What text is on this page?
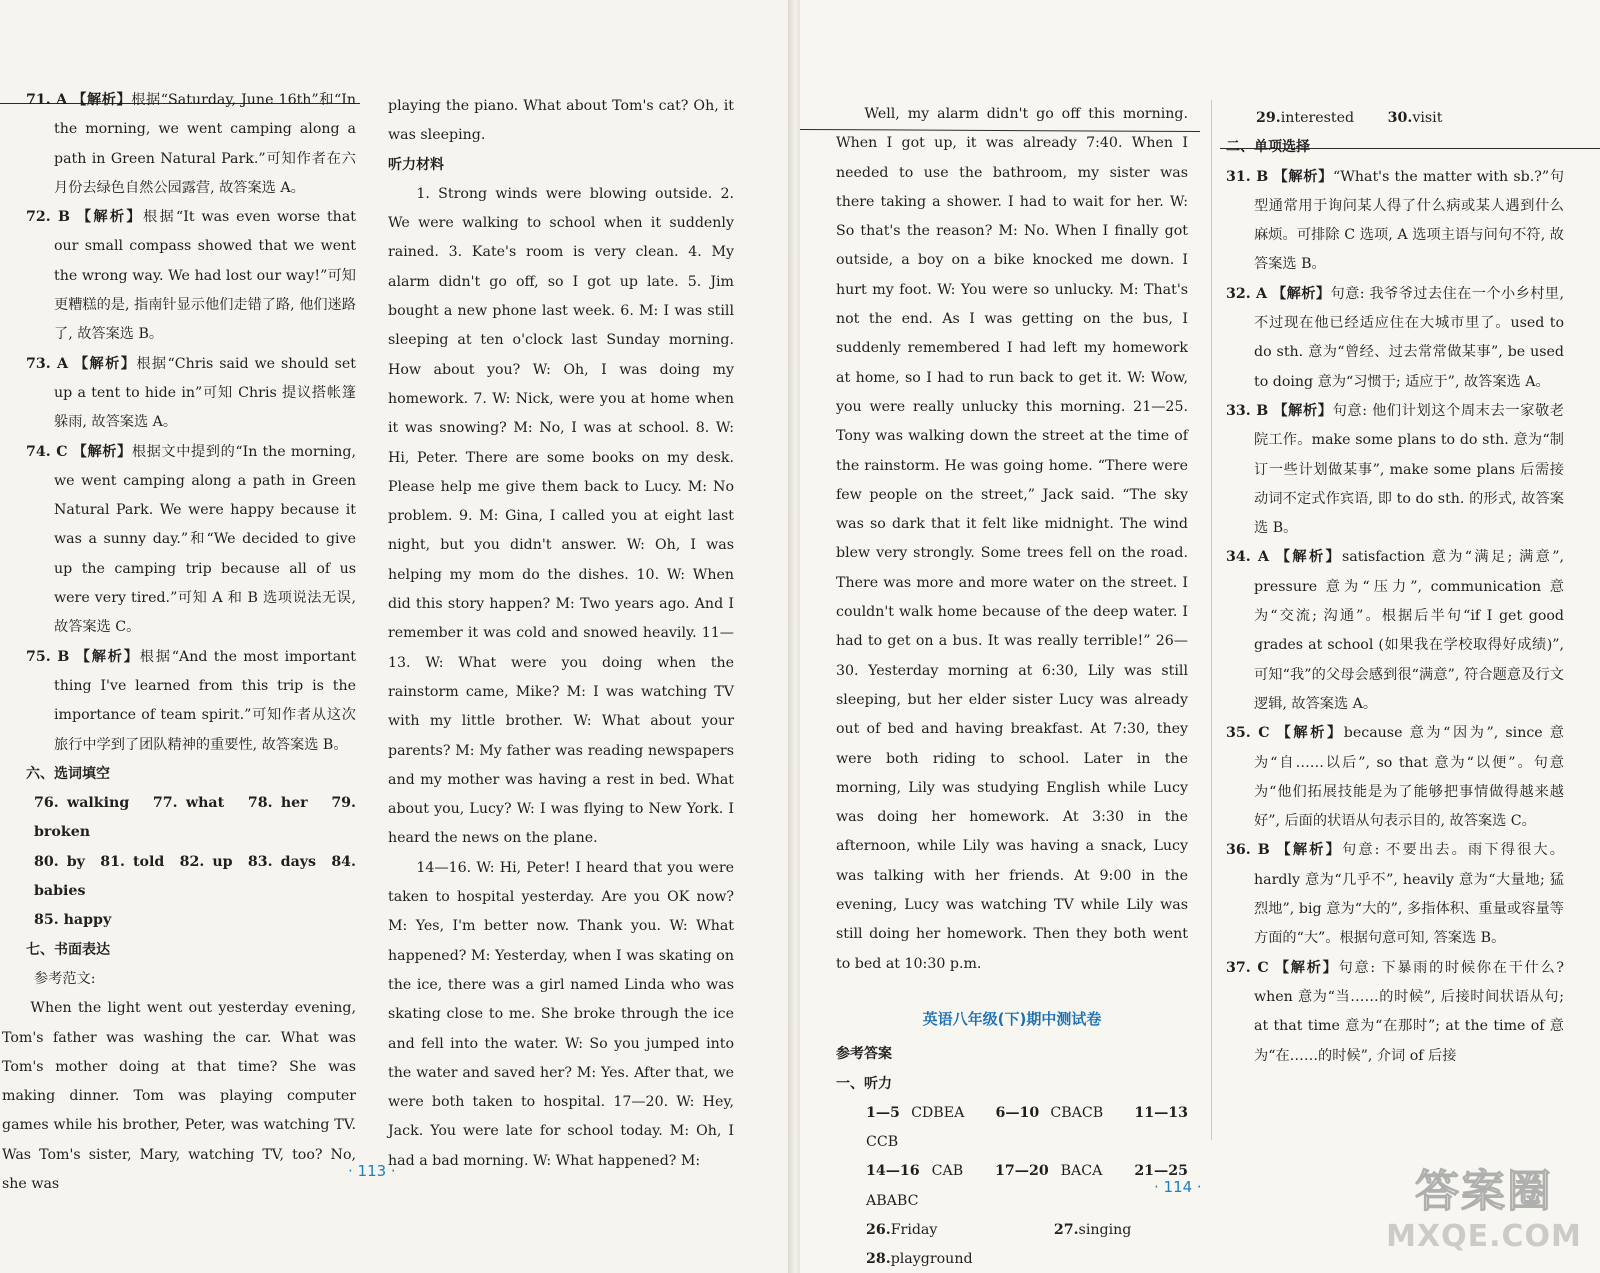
71. A 【解析】根据“Saturday, June 16th”和“In the morning, we went camping along a path in Green Natural Park.”可知作者在六月份去绿色自然公园露营, 故答案选 A。

72. B 【解析】根据“It was even worse that our small compass showed that we went the wrong way. We had lost our way!”可知更糟糕的是, 指南针显示他们走错了路, 他们迷路了, 故答案选 B。

73. A 【解析】根据“Chris said we should set up a tent to hide in”可知 Chris 提议搭帐篷躲雨, 故答案选 A。

74. C 【解析】根据文中提到的“In the morning, we went camping along a path in Green Natural Park. We were happy because it was a sunny day.”和“We decided to give up the camping trip because all of us were very tired.”可知 A 和 B 选项说法无误, 故答案选 C。

75. B 【解析】根据“And the most important thing I've learned from this trip is the importance of team spirit.”可知作者从这次旅行中学到了团队精神的重要性, 故答案选 B。

六、选词填空

76. walking 77. what 78. her 79. broken

80. by 81. told 82. up 83. days 84. babies

85. happy

七、书面表达

参考范文:

When the light went out yesterday evening, Tom's father was washing the car. What was Tom's mother doing at that time? She was making dinner. Tom was playing computer games while his brother, Peter, was watching TV. Was Tom's sister, Mary, watching TV, too? No, she was

playing the piano. What about Tom's cat? Oh, it was sleeping.

听力材料

1. Strong winds were blowing outside. 2. We were walking to school when it suddenly rained. 3. Kate's room is very clean. 4. My alarm didn't go off, so I got up late. 5. Jim bought a new phone last week. 6. M: I was still sleeping at ten o'clock last Sunday morning. How about you? W: Oh, I was doing my homework. 7. W: Nick, were you at home when it was snowing? M: No, I was at school. 8. W: Hi, Peter. There are some books on my desk. Please help me give them back to Lucy. M: No problem. 9. M: Gina, I called you at eight last night, but you didn't answer. W: Oh, I was helping my mom do the dishes. 10. W: When did this story happen? M: Two years ago. And I remember it was cold and snowed heavily. 11—13. W: What were you doing when the rainstorm came, Mike? M: I was watching TV with my little brother. W: What about your parents? M: My father was reading newspapers and my mother was having a rest in bed. What about you, Lucy? W: I was flying to New York. I heard the news on the plane.

14—16. W: Hi, Peter! I heard that you were taken to hospital yesterday. Are you OK now? M: Yes, I'm better now. Thank you. W: What happened? M: Yesterday, when I was skating on the ice, there was a girl named Linda who was skating close to me. She broke through the ice and fell into the water. W: So you jumped into the water and saved her? M: Yes. After that, we were both taken to hospital. 17—20. W: Hey, Jack. You were late for school today. M: Oh, I had a bad morning. W: What happened? M:

· 113 ·

Well, my alarm didn't go off this morning. When I got up, it was already 7:40. When I needed to use the bathroom, my sister was there taking a shower. I had to wait for her. W: So that's the reason? M: No. When I finally got outside, a boy on a bike knocked me down. I hurt my foot. W: You were so unlucky. M: That's not the end. As I was getting on the bus, I suddenly remembered I had left my homework at home, so I had to run back to get it. W: Wow, you were really unlucky this morning. 21—25. Tony was walking down the street at the time of the rainstorm. He was going home. “There were few people on the street,” Jack said. “The sky was so dark that it felt like midnight. The wind blew very strongly. Some trees fell on the road. There was more and more water on the street. I couldn't walk home because of the deep water. I had to get on a bus. It was really terrible!” 26—30. Yesterday morning at 6:30, Lily was still sleeping, but her elder sister Lucy was already out of bed and having breakfast. At 7:30, they were both riding to school. Later in the morning, Lily was studying English while Lucy was doing her homework. At 3:30 in the afternoon, while Lily was having a snack, Lucy was talking with her friends. At 9:00 in the evening, Lucy was watching TV while Lily was still doing her homework. Then they both went to bed at 10:30 p.m.

英语八年级(下)期中测试卷

参考答案

一、听力

1—5 CDBEA 6—10 CBACB 11—13 CCB

14—16 CAB 17—20 BACA 21—25 ABABC

26.Friday	27.singing   28.playground

29.interested 30.visit

二、单项选择

31. B 【解析】“What's the matter with sb.?”句型通常用于询问某人得了什么病或某人遇到什么麻烦。可排除 C 选项, A 选项主语与问句不符, 故答案选 B。

32. A 【解析】句意: 我爷爷过去住在一个小乡村里, 不过现在他已经适应住在大城市里了。used to do sth. 意为“曾经、过去常常做某事”, be used to doing 意为“习惯于; 适应于”, 故答案选 A。

33. B 【解析】句意: 他们计划这个周末去一家敬老院工作。make some plans to do sth. 意为“制订一些计划做某事”, make some plans 后需接动词不定式作宾语, 即 to do sth. 的形式, 故答案选 B。

34. A 【解析】satisfaction 意为“满足; 满意”, pressure 意为“压力”, communication 意为“交流; 沟通”。根据后半句“if I get good grades at school (如果我在学校取得好成绩)”, 可知“我”的父母会感到很“满意”, 符合题意及行文逻辑, 故答案选 A。

35. C 【解析】because 意为“因为”, since 意为“自……以后”, so that 意为“以便”。句意为“他们拓展技能是为了能够把事情做得越来越好”, 后面的状语从句表示目的, 故答案选 C。

36. B 【解析】句意: 不要出去。雨下得很大。hardly 意为“几乎不”, heavily 意为“大量地; 猛烈地”, big 意为“大的”, 多指体积、重量或容量等方面的“大”。根据句意可知, 答案选 B。

37. C 【解析】句意: 下暴雨的时候你在干什么? when 意为“当……的时候”, 后接时间状语从句; at that time 意为“在那时”; at the time of 意为“在……的时候”, 介词 of 后接

· 114 ·	答案圈
MXQE.COM
